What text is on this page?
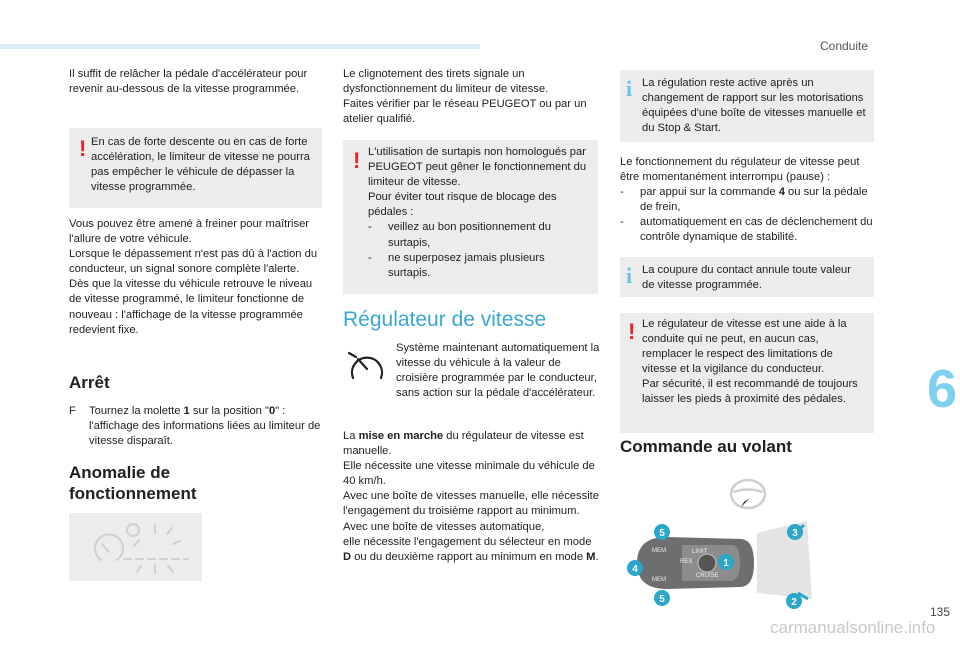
Conduite
Il suffit de relâcher la pédale d'accélérateur pour revenir au-dessous de la vitesse programmée.
! En cas de forte descente ou en cas de forte accélération, le limiteur de vitesse ne pourra pas empêcher le véhicule de dépasser la vitesse programmée.
Vous pouvez être amené à freiner pour maîtriser l'allure de votre véhicule.
Lorsque le dépassement n'est pas dû à l'action du conducteur, un signal sonore complète l'alerte.
Dès que la vitesse du véhicule retrouve le niveau de vitesse programmé, le limiteur fonctionne de nouveau : l'affichage de la vitesse programmée redevient fixe.
Arrêt
F	Tournez la molette 1 sur la position "0" : l'affichage des informations liées au limiteur de vitesse disparaît.
Anomalie de
fonctionnement
Le clignotement des tirets signale un dysfonctionnement du limiteur de vitesse.
Faites vérifier par le réseau PEUGEOT ou par un atelier qualifié.
! L'utilisation de surtapis non homologués par PEUGEOT peut gêner le fonctionnement du limiteur de vitesse.
Pour éviter tout risque de blocage des pédales :
-	veillez au bon positionnement du surtapis,
-	ne superposez jamais plusieurs surtapis.
Régulateur de vitesse
Système maintenant automatiquement la vitesse du véhicule à la valeur de croisière programmée par le conducteur, sans action sur la pédale d'accélérateur.
La mise en marche du régulateur de vitesse est manuelle.
Elle nécessite une vitesse minimale du véhicule de 40 km/h.
Avec une boîte de vitesses manuelle, elle nécessite l'engagement du troisième rapport au minimum.
Avec une boîte de vitesses automatique,
elle nécessite l'engagement du sélecteur en mode D ou du deuxième rapport au minimum en mode M.
i La régulation reste active après un changement de rapport sur les motorisations équipées d'une boîte de vitesses manuelle et du Stop & Start.
Le fonctionnement du régulateur de vitesse peut être momentanément interrompu (pause) :
-	par appui sur la commande 4 ou sur la pédale de frein,
-	automatiquement en cas de déclenchement du contrôle dynamique de stabilité.
i La coupure du contact annule toute valeur de vitesse programmée.
! Le régulateur de vitesse est une aide à la conduite qui ne peut, en aucun cas, remplacer le respect des limitations de vitesse et la vigilance du conducteur.
Par sécurité, il est recommandé de toujours laisser les pieds à proximité des pédales.
Commande au volant
MEM
RES
LIMIT
CRUISE
MEM
1
2
3
4
5
5
6
135
carmanualsonline.info
